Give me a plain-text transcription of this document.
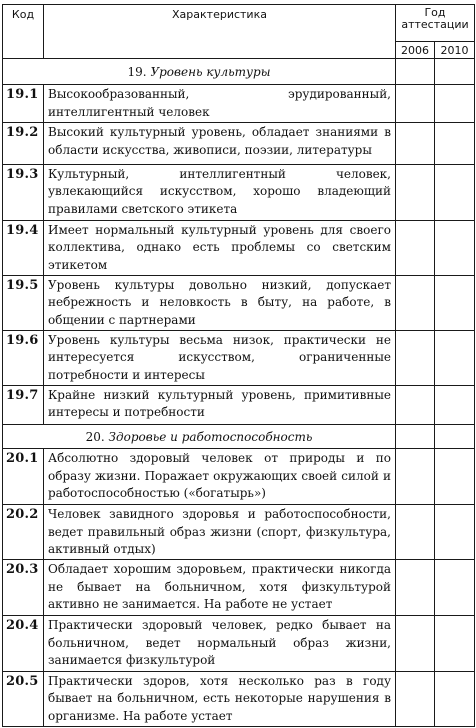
Код	Характеристика	Год
аттестации	
		2006	2010
19. Уровень культуры			
19.1	Высокообразованный, эрудированный, интеллигентный человек		
19.2	Высокий культурный уровень, обладает знаниями в области искусства, живописи, поэзии, литературы		
19.3	Культурный, интеллигентный человек, увлекающийся искусством, хорошо владеющий правилами светского этикета		
19.4	Имеет нормальный культурный уровень для своего коллектива, однако есть проблемы со светским этикетом		
19.5	Уровень культуры довольно низкий, допускает небрежность и неловкость в быту, на работе, в общении с партнерами		
19.6	Уровень культуры весьма низок, практически не интересуется искусством, ограниченные потребности и интересы		
19.7	Крайне низкий культурный уровень, примитивные интересы и потребности		
20. Здоровье и работоспособность			
20.1	Абсолютно здоровый человек от природы и по образу жизни. Поражает окружающих своей силой и работоспособностью («богатырь»)		
20.2	Человек завидного здоровья и работоспособности, ведет правильный образ жизни (спорт, физкультура, активный отдых)		
20.3	Обладает хорошим здоровьем, практически никогда не бывает на больничном, хотя физкультурой активно не занимается. На работе не устает		
20.4	Практически здоровый человек, редко бывает на больничном, ведет нормальный образ жизни, занимается физкультурой		
20.5	Практически здоров, хотя несколько раз в году бывает на больничном, есть некоторые нарушения в организме. На работе устает		
